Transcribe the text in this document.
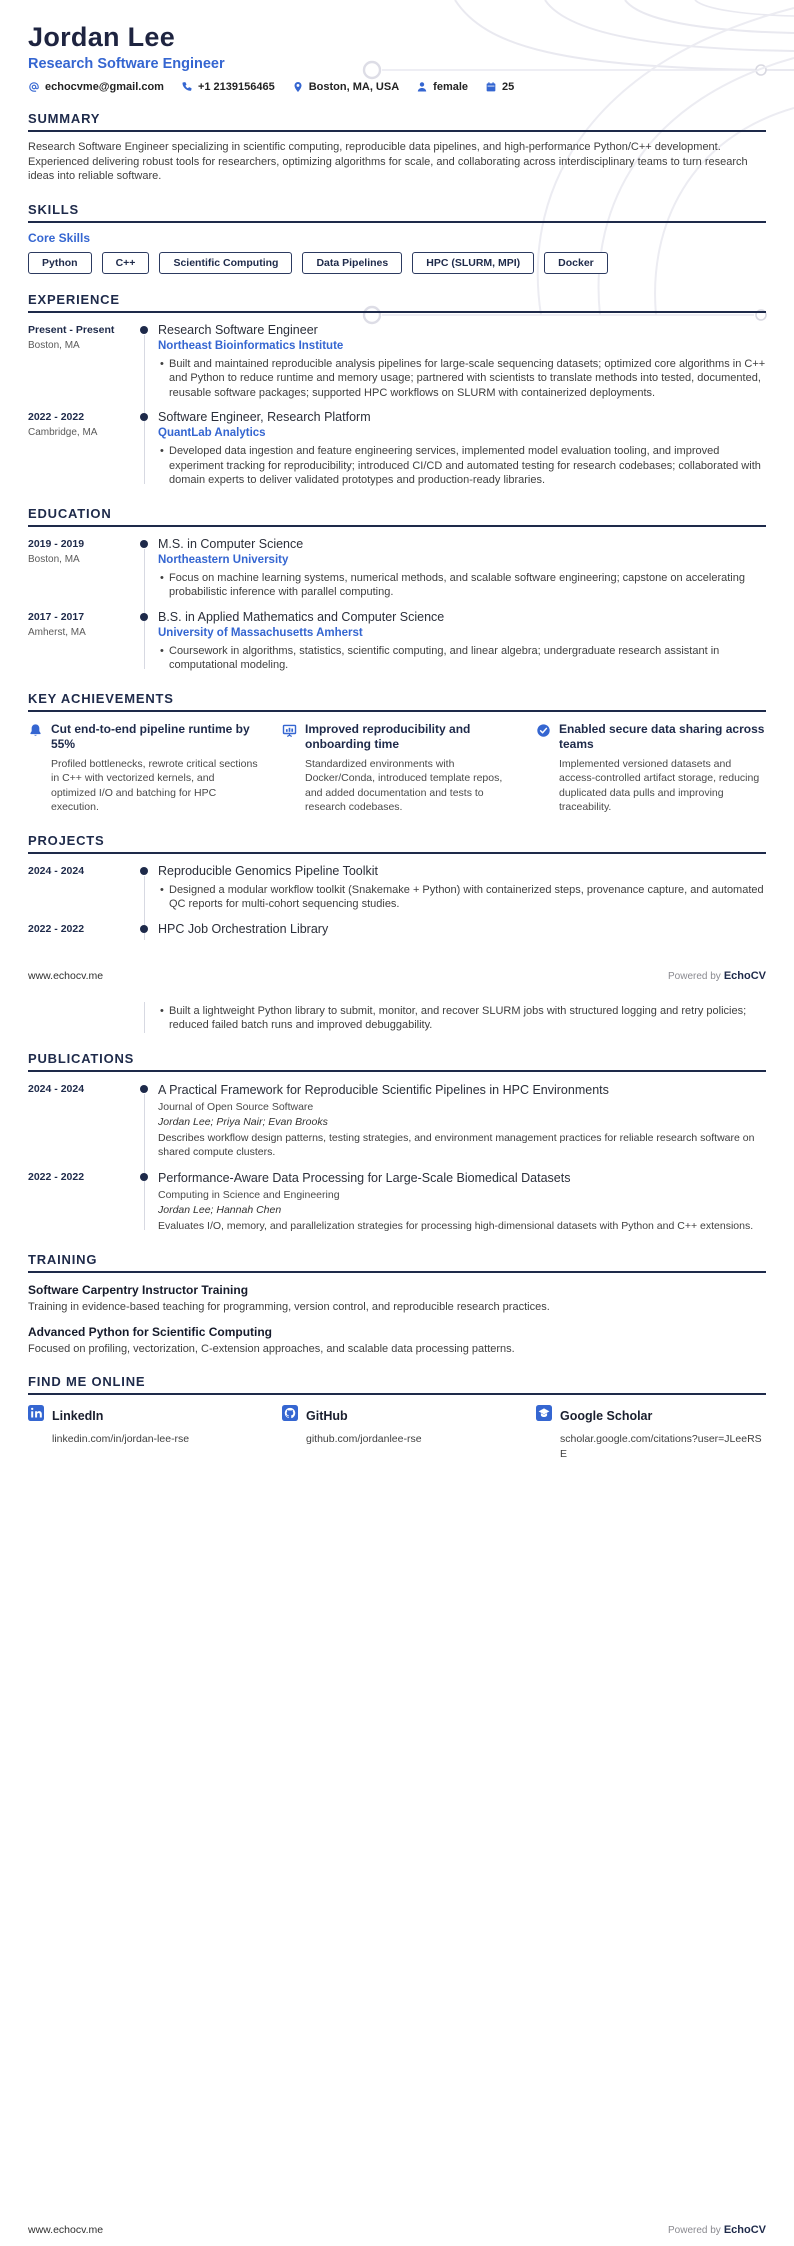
Jordan Lee
Research Software Engineer
echocvme@gmail.com	+1 2139156465	Boston, MA, USA	female	25
SUMMARY
Research Software Engineer specializing in scientific computing, reproducible data pipelines, and high-performance Python/C++ development. Experienced delivering robust tools for researchers, optimizing algorithms for scale, and collaborating across interdisciplinary teams to turn research ideas into reliable software.
SKILLS
Core Skills
Python	C++	Scientific Computing	Data Pipelines	HPC (SLURM, MPI)	Docker
EXPERIENCE
Present - Present
Boston, MA
Research Software Engineer
Northeast Bioinformatics Institute
• Built and maintained reproducible analysis pipelines for large-scale sequencing datasets; optimized core algorithms in C++ and Python to reduce runtime and memory usage; partnered with scientists to translate methods into tested, documented, reusable software packages; supported HPC workflows on SLURM with containerized deployments.
2022 - 2022
Cambridge, MA
Software Engineer, Research Platform
QuantLab Analytics
• Developed data ingestion and feature engineering services, implemented model evaluation tooling, and improved experiment tracking for reproducibility; introduced CI/CD and automated testing for research codebases; collaborated with domain experts to deliver validated prototypes and production-ready libraries.
EDUCATION
2019 - 2019
Boston, MA
M.S. in Computer Science
Northeastern University
• Focus on machine learning systems, numerical methods, and scalable software engineering; capstone on accelerating probabilistic inference with parallel computing.
2017 - 2017
Amherst, MA
B.S. in Applied Mathematics and Computer Science
University of Massachusetts Amherst
• Coursework in algorithms, statistics, scientific computing, and linear algebra; undergraduate research assistant in computational modeling.
KEY ACHIEVEMENTS
Cut end-to-end pipeline runtime by 55%
Profiled bottlenecks, rewrote critical sections in C++ with vectorized kernels, and optimized I/O and batching for HPC execution.
Improved reproducibility and onboarding time
Standardized environments with Docker/Conda, introduced template repos, and added documentation and tests to research codebases.
Enabled secure data sharing across teams
Implemented versioned datasets and access-controlled artifact storage, reducing duplicated data pulls and improving traceability.
PROJECTS
2024 - 2024	Reproducible Genomics Pipeline Toolkit
• Designed a modular workflow toolkit (Snakemake + Python) with containerized steps, provenance capture, and automated QC reports for multi-cohort sequencing studies.
2022 - 2022	HPC Job Orchestration Library
www.echocv.me	Powered by EchoCV
• Built a lightweight Python library to submit, monitor, and recover SLURM jobs with structured logging and retry policies; reduced failed batch runs and improved debuggability.
PUBLICATIONS
2024 - 2024	A Practical Framework for Reproducible Scientific Pipelines in HPC Environments
Journal of Open Source Software
Jordan Lee; Priya Nair; Evan Brooks
Describes workflow design patterns, testing strategies, and environment management practices for reliable research software on shared compute clusters.
2022 - 2022	Performance-Aware Data Processing for Large-Scale Biomedical Datasets
Computing in Science and Engineering
Jordan Lee; Hannah Chen
Evaluates I/O, memory, and parallelization strategies for processing high-dimensional datasets with Python and C++ extensions.
TRAINING
Software Carpentry Instructor Training
Training in evidence-based teaching for programming, version control, and reproducible research practices.
Advanced Python for Scientific Computing
Focused on profiling, vectorization, C-extension approaches, and scalable data processing patterns.
FIND ME ONLINE
LinkedIn
linkedin.com/in/jordan-lee-rse
GitHub
github.com/jordanlee-rse
Google Scholar
scholar.google.com/citations?user=JLeeRSE
www.echocv.me	Powered by EchoCV
